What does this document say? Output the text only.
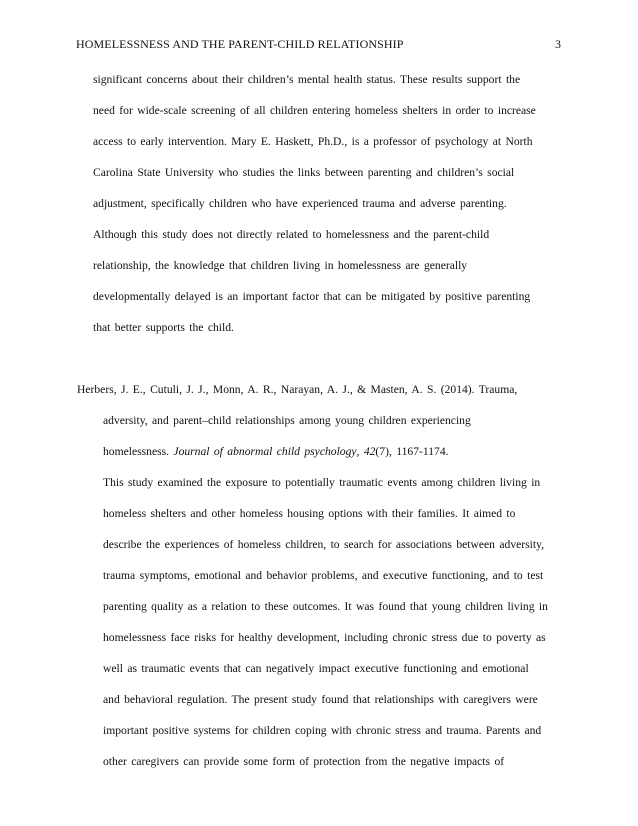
HOMELESSNESS AND THE PARENT-CHILD RELATIONSHIP	3
significant concerns about their children’s mental health status. These results support the
need for wide-scale screening of all children entering homeless shelters in order to increase
access to early intervention. Mary E. Haskett, Ph.D., is a professor of psychology at North
Carolina State University who studies the links between parenting and children’s social
adjustment, specifically children who have experienced trauma and adverse parenting.
Although this study does not directly related to homelessness and the parent-child
relationship, the knowledge that children living in homelessness are generally
developmentally delayed is an important factor that can be mitigated by positive parenting
that better supports the child.
Herbers, J. E., Cutuli, J. J., Monn, A. R., Narayan, A. J., & Masten, A. S. (2014). Trauma,
adversity, and parent–child relationships among young children experiencing
homelessness. Journal of abnormal child psychology, 42(7), 1167-1174.
This study examined the exposure to potentially traumatic events among children living in
homeless shelters and other homeless housing options with their families. It aimed to
describe the experiences of homeless children, to search for associations between adversity,
trauma symptoms, emotional and behavior problems, and executive functioning, and to test
parenting quality as a relation to these outcomes. It was found that young children living in
homelessness face risks for healthy development, including chronic stress due to poverty as
well as traumatic events that can negatively impact executive functioning and emotional
and behavioral regulation. The present study found that relationships with caregivers were
important positive systems for children coping with chronic stress and trauma. Parents and
other caregivers can provide some form of protection from the negative impacts of
